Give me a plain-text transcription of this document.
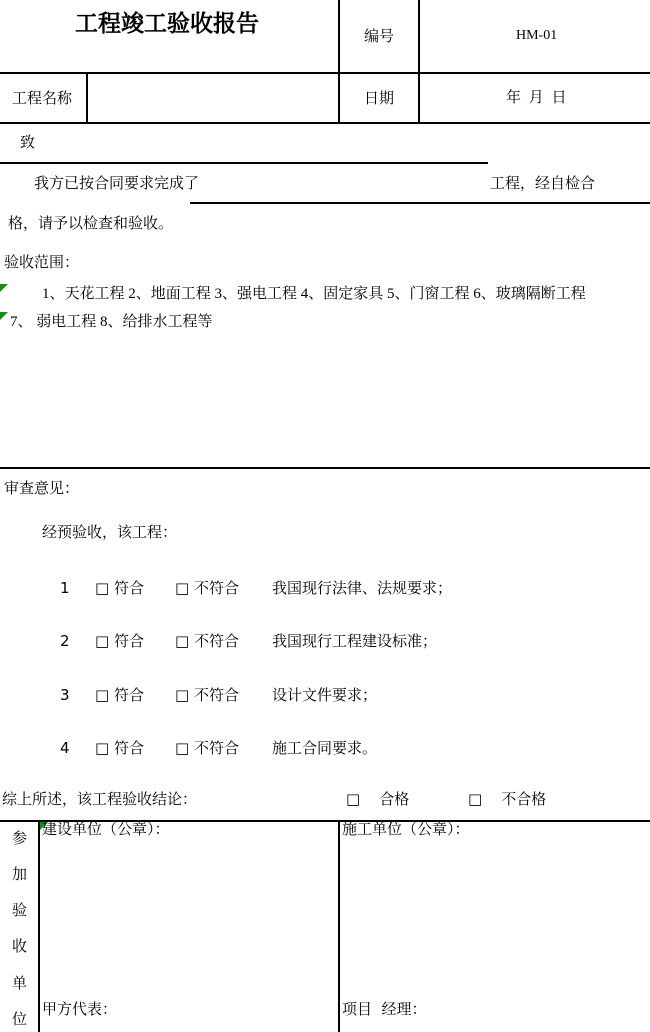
工程竣工验收报告	编号	HM-01
工程名称	日期	年 月 日
致
我方已按合同要求完成了	工程，经自检合
格，请予以检查和验收。
验收范围：
1、天花工程 2、地面工程 3、强电工程 4、固定家具 5、门窗工程 6、玻璃隔断工程
7、 弱电工程 8、给排水工程等
审查意见：
经预验收，该工程：
1 □ 符合 □ 不符合 我国现行法律、法规要求；
2 □ 符合 □ 不符合 我国现行工程建设标准；
3 □ 符合 □ 不符合 设计文件要求；
4 □ 符合 □ 不符合 施工合同要求。
综上所述，该工程验收结论：	□    合格	□    不合格
参
加
验
收
单
位
建设单位（公章）：	施工单位（公章）：
甲方代表：	项目  经理：
